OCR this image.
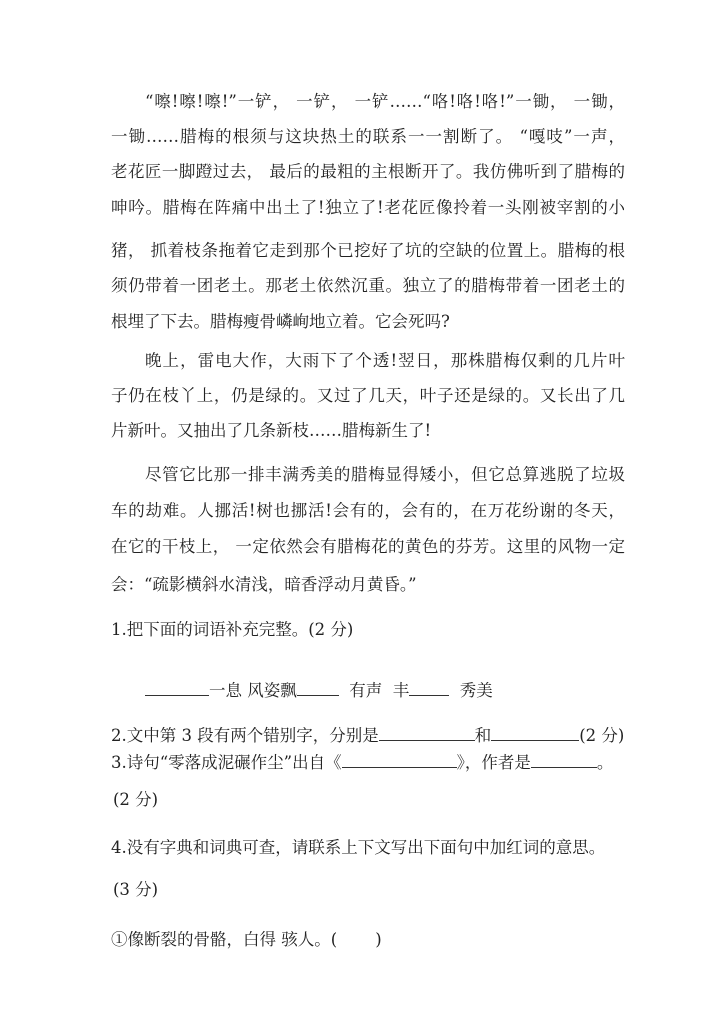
“嚓!嚓!嚓!”一铲， 一铲， 一铲……“咯!咯!咯!”一锄， 一锄，
一锄……腊梅的根须与这块热土的联系一一割断了。 “嘎吱”一声，
老花匠一脚蹬过去， 最后的最粗的主根断开了。我仿佛听到了腊梅的
呻吟。腊梅在阵痛中出土了!独立了!老花匠像拎着一头刚被宰割的小
猪， 抓着枝条拖着它走到那个已挖好了坑的空缺的位置上。腊梅的根
须仍带着一团老土。那老土依然沉重。独立了的腊梅带着一团老土的
根埋了下去。腊梅瘦骨嶙峋地立着。它会死吗?
晚上，雷电大作，大雨下了个透!翌日，那株腊梅仅剩的几片叶
子仍在枝丫上，仍是绿的。又过了几天，叶子还是绿的。又长出了几
片新叶。又抽出了几条新枝……腊梅新生了!
尽管它比那一排丰满秀美的腊梅显得矮小，但它总算逃脱了垃圾
车的劫难。人挪活!树也挪活!会有的，会有的，在万花纷谢的冬天，
在它的干枝上， 一定依然会有腊梅花的黄色的芬芳。这里的风物一定
会：“疏影横斜水清浅，暗香浮动月黄昏。”
1.把下面的词语补充完整。(2 分)
一息 风姿飘	有声 丰	秀美
2.文中第 3 段有两个错别字，分别是	和	(2 分)
3.诗句“零落成泥碾作尘”出自《	》，作者是	。
(2 分)
4.没有字典和词典可查，请联系上下文写出下面句中加红词的意思。
(3 分)
①像断裂的骨骼，白得 骇人。( )
